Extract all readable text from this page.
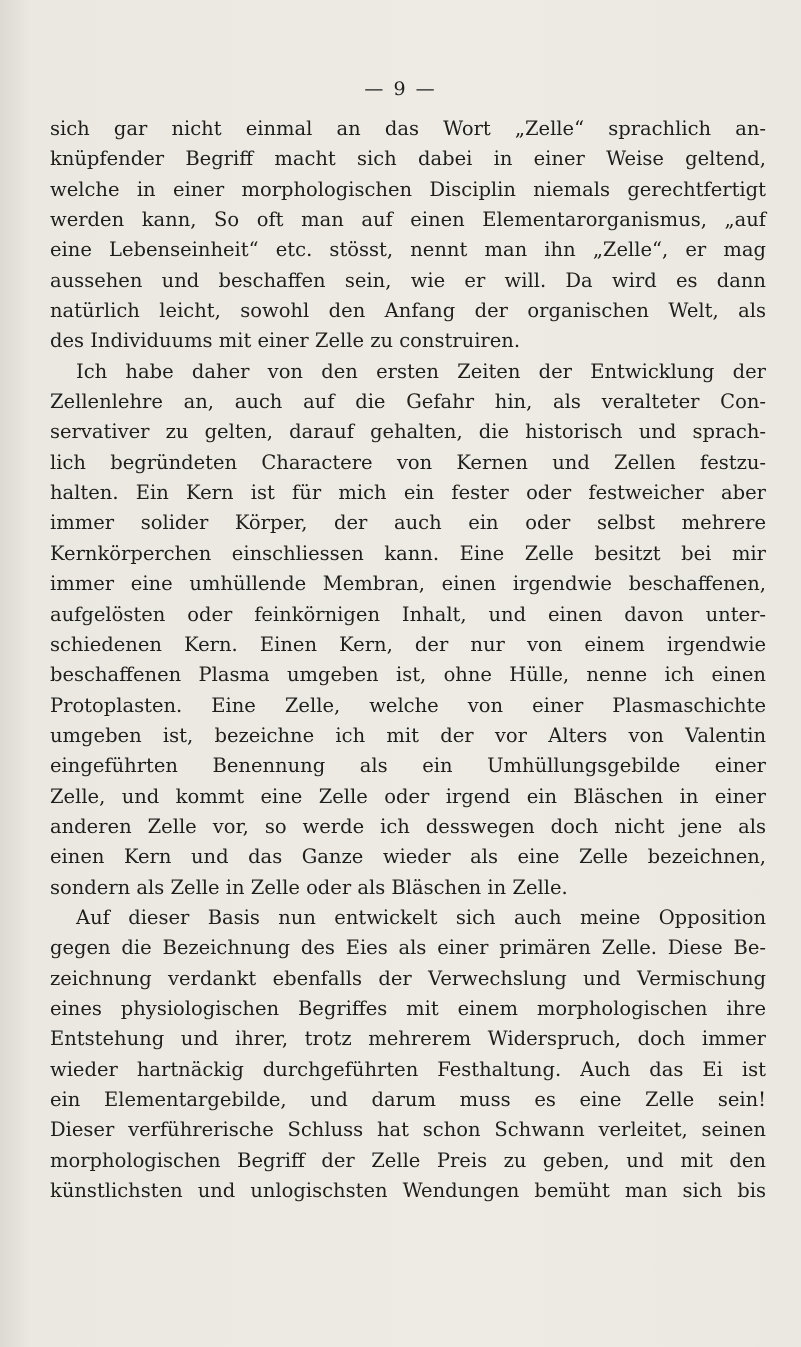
— 9 —
sich gar nicht einmal an das Wort „Zelle“ sprachlich an-
knüpfender Begriff macht sich dabei in einer Weise geltend,
welche in einer morphologischen Disciplin niemals gerechtfertigt
werden kann, So oft man auf einen Elementarorganismus, „auf
eine Lebenseinheit“ etc. stösst, nennt man ihn „Zelle“, er mag
aussehen und beschaffen sein, wie er will. Da wird es dann
natürlich leicht, sowohl den Anfang der organischen Welt, als
des Individuums mit einer Zelle zu construiren.
Ich habe daher von den ersten Zeiten der Entwicklung der
Zellenlehre an, auch auf die Gefahr hin, als veralteter Con-
servativer zu gelten, darauf gehalten, die historisch und sprach-
lich begründeten Charactere von Kernen und Zellen festzu-
halten. Ein Kern ist für mich ein fester oder festweicher aber
immer solider Körper, der auch ein oder selbst mehrere
Kernkörperchen einschliessen kann. Eine Zelle besitzt bei mir
immer eine umhüllende Membran, einen irgendwie beschaffenen,
aufgelösten oder feinkörnigen Inhalt, und einen davon unter-
schiedenen Kern. Einen Kern, der nur von einem irgendwie
beschaffenen Plasma umgeben ist, ohne Hülle, nenne ich einen
Protoplasten. Eine Zelle, welche von einer Plasmaschichte
umgeben ist, bezeichne ich mit der vor Alters von Valentin
eingeführten Benennung als ein Umhüllungsgebilde einer
Zelle, und kommt eine Zelle oder irgend ein Bläschen in einer
anderen Zelle vor, so werde ich desswegen doch nicht jene als
einen Kern und das Ganze wieder als eine Zelle bezeichnen,
sondern als Zelle in Zelle oder als Bläschen in Zelle.
Auf dieser Basis nun entwickelt sich auch meine Opposition
gegen die Bezeichnung des Eies als einer primären Zelle. Diese Be-
zeichnung verdankt ebenfalls der Verwechslung und Vermischung
eines physiologischen Begriffes mit einem morphologischen ihre
Entstehung und ihrer, trotz mehrerem Widerspruch, doch immer
wieder hartnäckig durchgeführten Festhaltung. Auch das Ei ist
ein Elementargebilde, und darum muss es eine Zelle sein!
Dieser verführerische Schluss hat schon Schwann verleitet, seinen
morphologischen Begriff der Zelle Preis zu geben, und mit den
künstlichsten und unlogischsten Wendungen bemüht man sich bis
